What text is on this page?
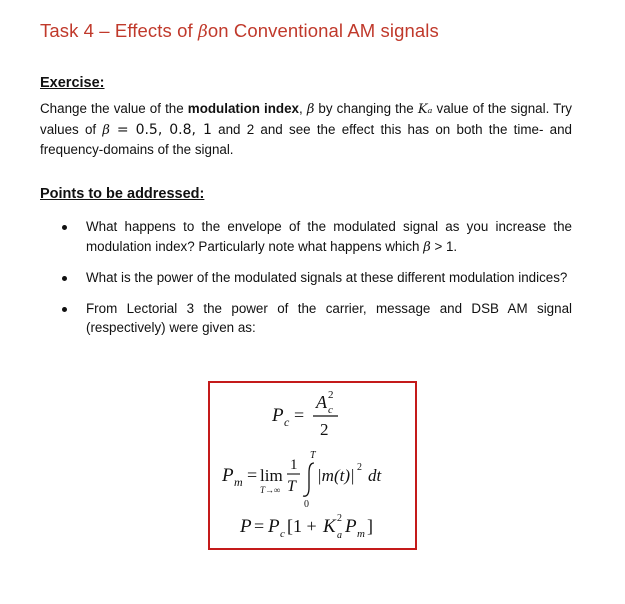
Task 4 – Effects of βon Conventional AM signals
Exercise:
Change the value of the modulation index, β by changing the Kₐ value of the signal. Try values of β = 0.5, 0.8, 1 and 2 and see the effect this has on both the time- and frequency-domains of the signal.
Points to be addressed:
What happens to the envelope of the modulated signal as you increase the modulation index? Particularly note what happens which β > 1.
What is the power of the modulated signals at these different modulation indices?
From Lectorial 3 the power of the carrier, message and DSB AM signal (respectively) were given as:
P c =
A 2
c
2
P m = lim
T→∞
1
T
T
0
|m(t)| 2 dt
P = P c [1 + K 2
a P m ]
